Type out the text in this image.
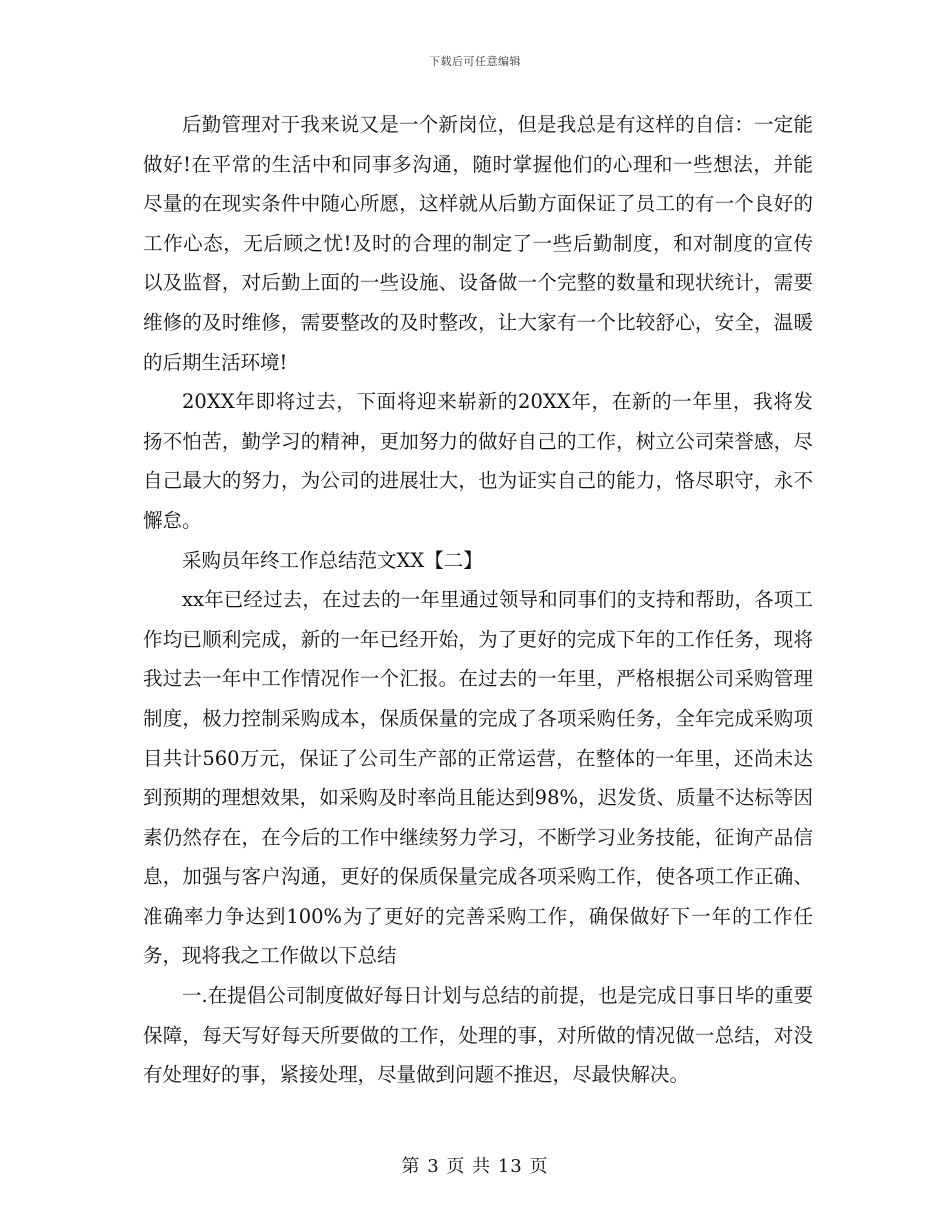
下载后可任意编辑

后勤管理对于我来说又是一个新岗位，但是我总是有这样的自信：一定能做好!在平常的生活中和同事多沟通，随时掌握他们的心理和一些想法，并能尽量的在现实条件中随心所愿，这样就从后勤方面保证了员工的有一个良好的工作心态，无后顾之忧!及时的合理的制定了一些后勤制度，和对制度的宣传以及监督，对后勤上面的一些设施、设备做一个完整的数量和现状统计，需要维修的及时维修，需要整改的及时整改，让大家有一个比较舒心，安全，温暖的后期生活环境!

20XX年即将过去，下面将迎来崭新的20XX年，在新的一年里，我将发扬不怕苦，勤学习的精神，更加努力的做好自己的工作，树立公司荣誉感，尽自己最大的努力，为公司的进展壮大，也为证实自己的能力，恪尽职守，永不懈怠。

采购员年终工作总结范文XX【二】

xx年已经过去，在过去的一年里通过领导和同事们的支持和帮助，各项工作均已顺利完成，新的一年已经开始，为了更好的完成下年的工作任务，现将我过去一年中工作情况作一个汇报。在过去的一年里，严格根据公司采购管理制度，极力控制采购成本，保质保量的完成了各项采购任务，全年完成采购项目共计560万元，保证了公司生产部的正常运营，在整体的一年里，还尚未达到预期的理想效果，如采购及时率尚且能达到98%，迟发货、质量不达标等因素仍然存在，在今后的工作中继续努力学习，不断学习业务技能，征询产品信息，加强与客户沟通，更好的保质保量完成各项采购工作，使各项工作正确、准确率力争达到100%为了更好的完善采购工作，确保做好下一年的工作任务，现将我之工作做以下总结

一.在提倡公司制度做好每日计划与总结的前提，也是完成日事日毕的重要保障，每天写好每天所要做的工作，处理的事，对所做的情况做一总结，对没有处理好的事，紧接处理，尽量做到问题不推迟，尽最快解决。

第 3 页 共 13 页
